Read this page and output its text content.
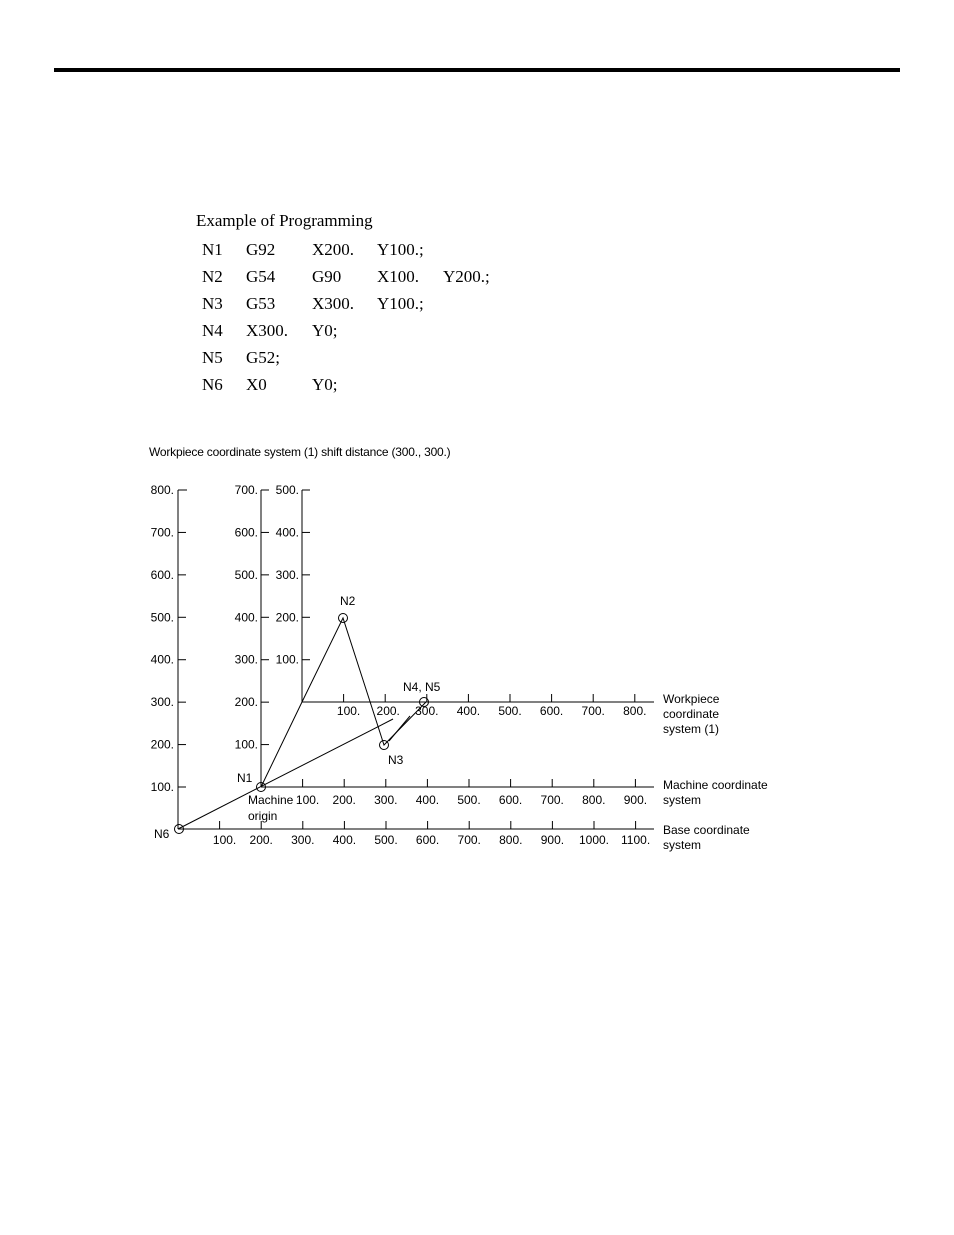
Example of Programming
N1 G92 X200. Y100.;
N2 G54 G90 X100. Y200.;
N3 G53 X300. Y100.;
N4 X300. Y0;
N5 G52;
N6 X0	Y0;
Workpiece coordinate system (1) shift distance (300., 300.)
N1
N2
N3
N4, N5
N6
Machine
origin
Workpiece
coordinate
system (1)
Machine coordinate
system
Base coordinate
system
800.
700.
600.
500.
400.
300.
200.
100.
700.
600.
500.
400.
300.
200.
100.
500.
400.
300.
200.
100.
100. 200. 300. 400. 500. 600. 700. 800.
100. 200. 300. 400. 500. 600. 700. 800. 900.
100. 200. 300. 400. 500. 600. 700. 800. 900. 1000. 1100.
